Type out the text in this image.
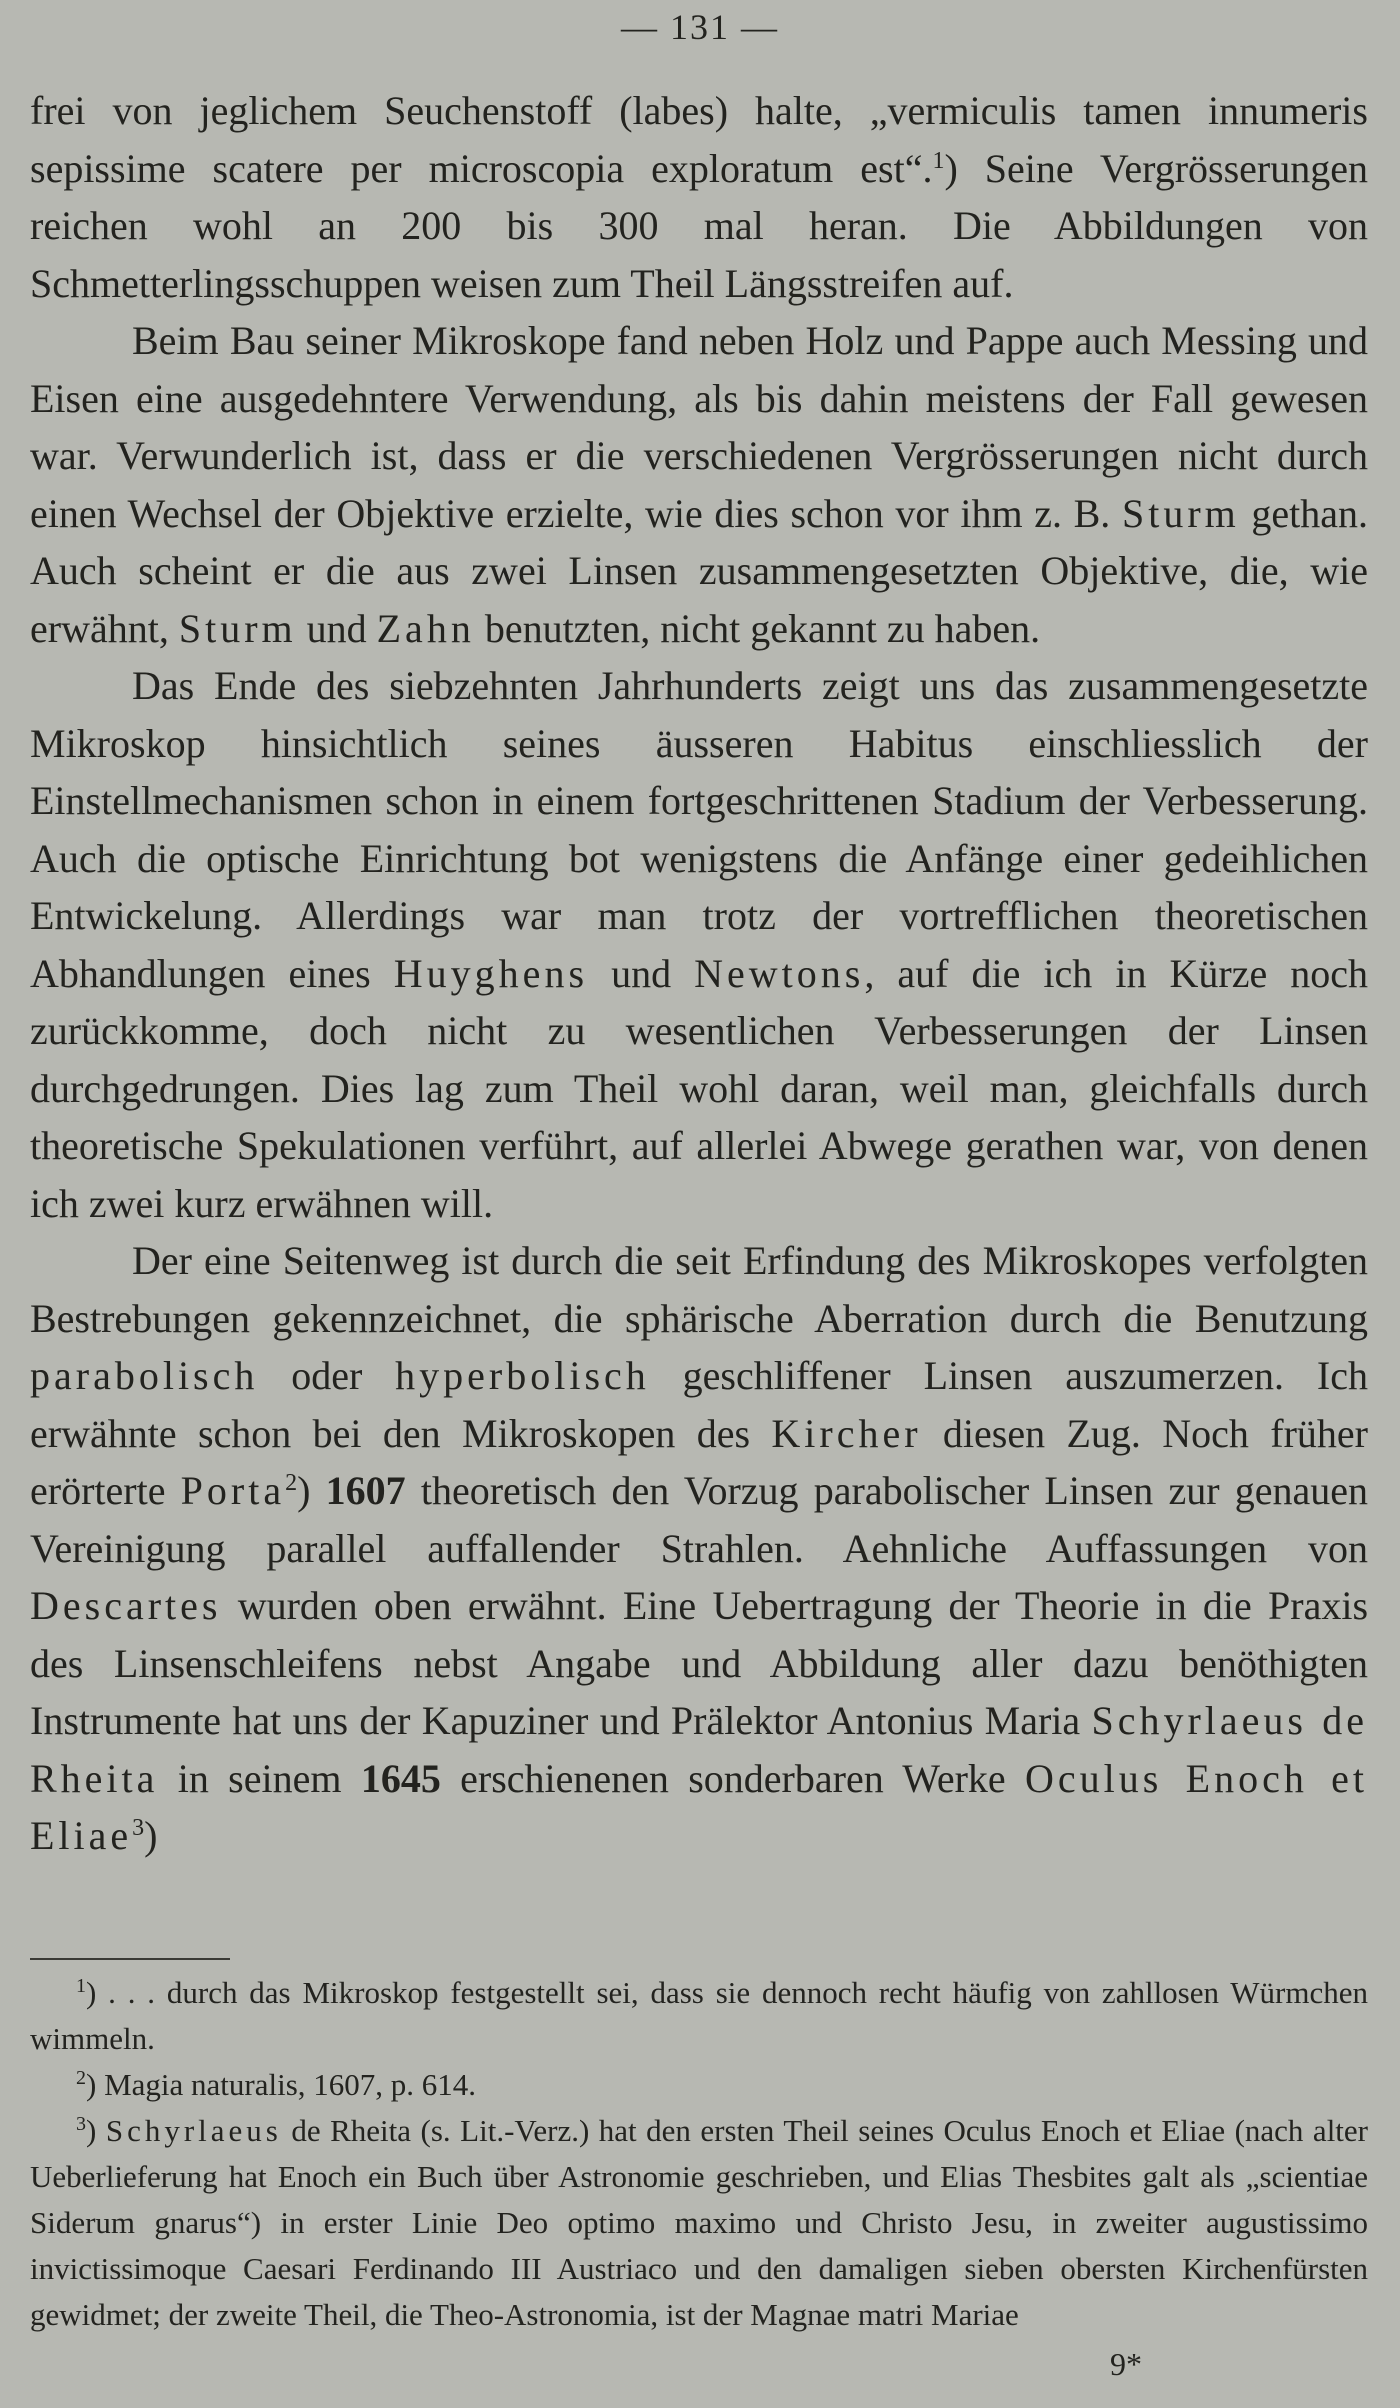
— 131 —

frei von jeglichem Seuchenstoff (labes) halte, „vermiculis tamen innumeris sepissime scatere per microscopia exploratum est“.$^1$) Seine Vergrösserungen reichen wohl an 200 bis 300 mal heran. Die Abbildungen von Schmetterlingsschuppen weisen zum Theil Längsstreifen auf.

Beim Bau seiner Mikroskope fand neben Holz und Pappe auch Messing und Eisen eine ausgedehntere Verwendung, als bis dahin meistens der Fall gewesen war. Verwunderlich ist, dass er die verschiedenen Vergrösserungen nicht durch einen Wechsel der Objektive erzielte, wie dies schon vor ihm z. B. Sturm gethan. Auch scheint er die aus zwei Linsen zusammengesetzten Objektive, die, wie erwähnt, Sturm und Zahn benutzten, nicht gekannt zu haben.

Das Ende des siebzehnten Jahrhunderts zeigt uns das zusammengesetzte Mikroskop hinsichtlich seines äusseren Habitus einschliesslich der Einstellmechanismen schon in einem fortgeschrittenen Stadium der Verbesserung. Auch die optische Einrichtung bot wenigstens die Anfänge einer gedeihlichen Entwickelung. Allerdings war man trotz der vortrefflichen theoretischen Abhandlungen eines Huyghens und Newtons, auf die ich in Kürze noch zurückkomme, doch nicht zu wesentlichen Verbesserungen der Linsen durchgedrungen. Dies lag zum Theil wohl daran, weil man, gleichfalls durch theoretische Spekulationen verführt, auf allerlei Abwege gerathen war, von denen ich zwei kurz erwähnen will.

Der eine Seitenweg ist durch die seit Erfindung des Mikroskopes verfolgten Bestrebungen gekennzeichnet, die sphärische Aberration durch die Benutzung parabolisch oder hyperbolisch geschliffener Linsen auszumerzen. Ich erwähnte schon bei den Mikroskopen des Kircher diesen Zug. Noch früher erörterte Porta$^2$) 1607 theoretisch den Vorzug parabolischer Linsen zur genauen Vereinigung parallel auffallender Strahlen. Aehnliche Auffassungen von Descartes wurden oben erwähnt. Eine Uebertragung der Theorie in die Praxis des Linsenschleifens nebst Angabe und Abbildung aller dazu benöthigten Instrumente hat uns der Kapuziner und Prälektor Antonius Maria Schyrlaeus de Rheita in seinem 1645 erschienenen sonderbaren Werke Oculus Enoch et Eliae$^3$)

$^1$) . . . durch das Mikroskop festgestellt sei, dass sie dennoch recht häufig von zahllosen Würmchen wimmeln.

$^2$) Magia naturalis, 1607, p. 614.

$^3$) Schyrlaeus de Rheita (s. Lit.-Verz.) hat den ersten Theil seines Oculus Enoch et Eliae (nach alter Ueberlieferung hat Enoch ein Buch über Astronomie geschrieben, und Elias Thesbites galt als „scientiae Siderum gnarus“) in erster Linie Deo optimo maximo und Christo Jesu, in zweiter augustissimo invictissimoque Caesari Ferdinando III Austriaco und den damaligen sieben obersten Kirchenfürsten gewidmet; der zweite Theil, die Theo-Astronomia, ist der Magnae matri Mariae

9*
